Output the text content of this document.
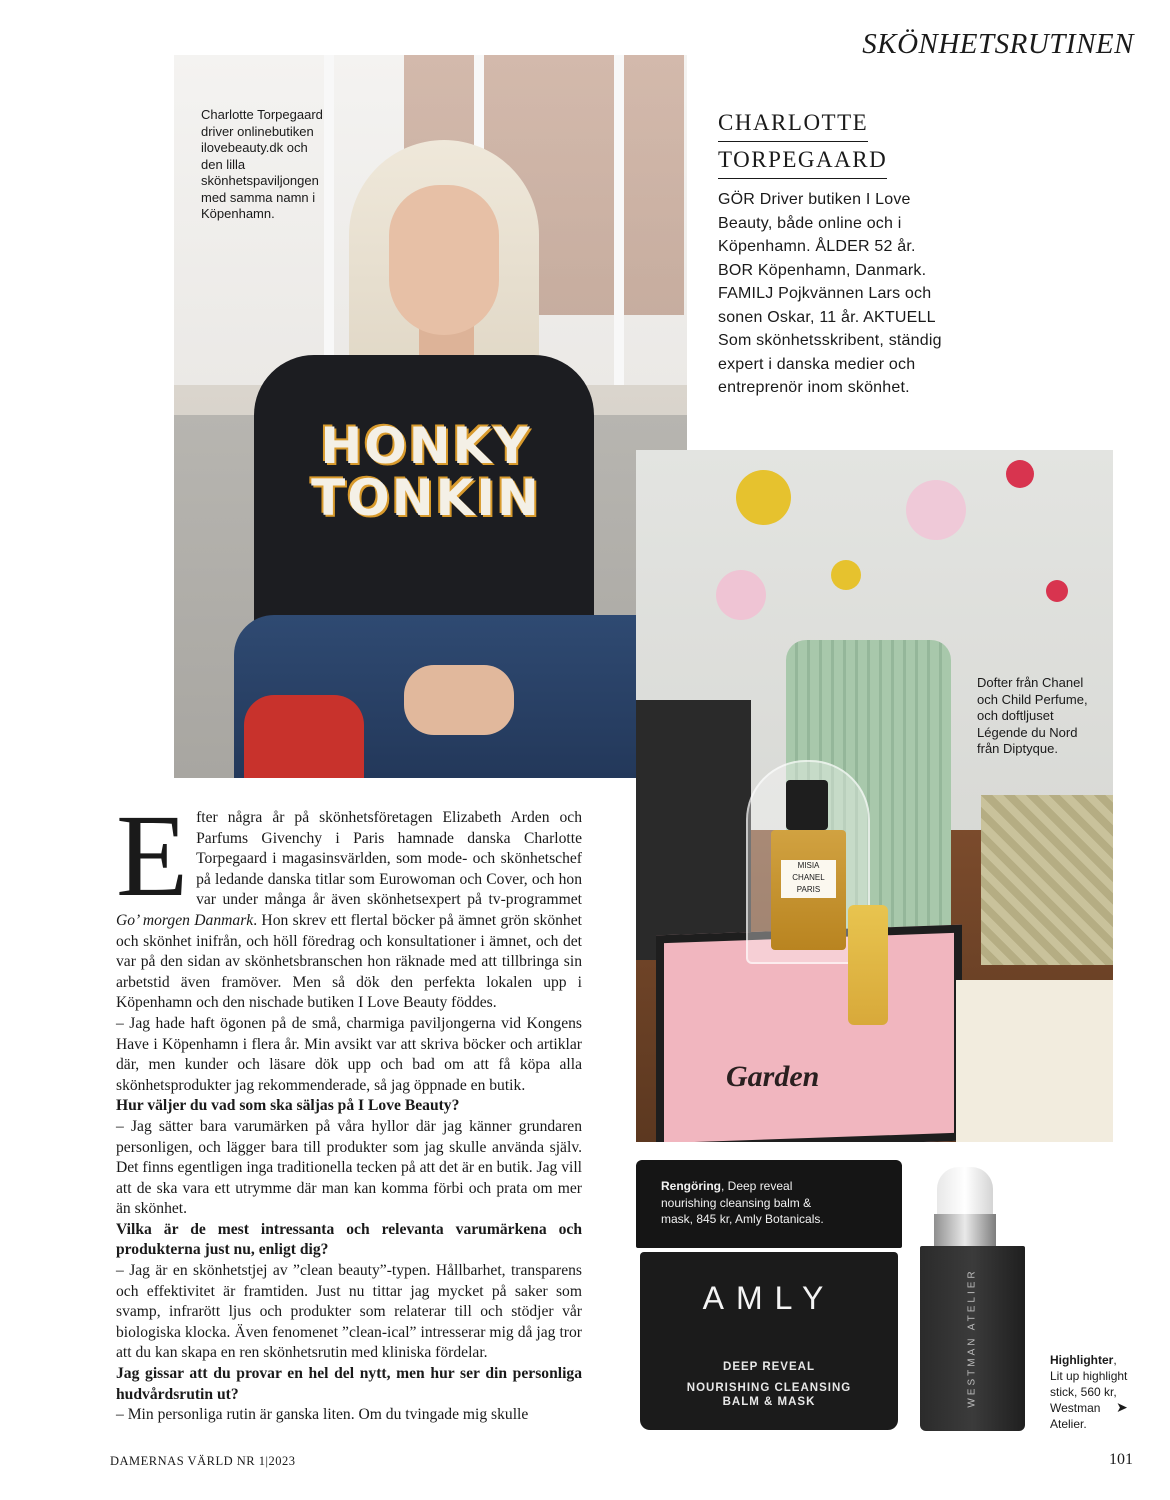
SKÖNHETSRUTINEN
HONKY TONKIN
Charlotte Torpegaard driver onlinebutiken ilovebeauty.dk och den lilla skönhetspaviljongen med samma namn i Köpenhamn.
CHARLOTTE
TORPEGAARD
GÖR Driver butiken I Love Beauty, både online och i Köpenhamn. ÅLDER 52 år. BOR Köpenhamn, Danmark. FAMILJ Pojkvännen Lars och sonen Oskar, 11 år. AKTUELL Som skönhetsskribent, ständig expert i danska medier och entreprenör inom skönhet.
Garden
MISIA CHANEL PARIS
Dofter från Chanel och Child Perfume, och doftljuset Légende du Nord från Diptyque.

Efter några år på skönhetsföretagen Elizabeth Arden och Parfums Givenchy i Paris hamnade danska Charlotte Torpegaard i magasinsvärlden, som mode- och skönhetschef på ledande danska titlar som Eurowoman och Cover, och hon var under många år även skönhetsexpert på tv-programmet Go’ morgen Danmark. Hon skrev ett flertal böcker på ämnet grön skönhet och skönhet inifrån, och höll föredrag och konsultationer i ämnet, och det var på den sidan av skönhetsbranschen hon räknade med att tillbringa sin arbetstid även framöver. Men så dök den perfekta lokalen upp i Köpenhamn och den nischade butiken I Love Beauty föddes.

– Jag hade haft ögonen på de små, charmiga paviljongerna vid Kongens Have i Köpenhamn i flera år. Min avsikt var att skriva böcker och artiklar där, men kunder och läsare dök upp och bad om att få köpa alla skönhetsprodukter jag rekommenderade, så jag öppnade en butik.

Hur väljer du vad som ska säljas på I Love Beauty?

– Jag sätter bara varumärken på våra hyllor där jag känner grundaren personligen, och lägger bara till produkter som jag skulle använda själv. Det finns egentligen inga traditionella tecken på att det är en butik. Jag vill att de ska vara ett utrymme där man kan komma förbi och prata om mer än skönhet.

Vilka är de mest intressanta och relevanta varumärkena och produkterna just nu, enligt dig?

– Jag är en skönhetstjej av ”clean beauty”-typen. Hållbarhet, transparens och effektivitet är framtiden. Just nu tittar jag mycket på saker som svamp, infrarött ljus och produkter som relaterar till och stödjer vår biologiska klocka. Även fenomenet ”clean-ical” intresserar mig då jag tror att du kan skapa en ren skönhetsrutin med kliniska fördelar.

Jag gissar att du provar en hel del nytt, men hur ser din personliga hudvårdsrutin ut?

– Min personliga rutin är ganska liten. Om du tvingade mig skulle

Rengöring, Deep reveal nourishing cleansing balm & mask, 845 kr, Amly Botanicals.
AMLY
DEEP REVEAL
NOURISHING CLEANSING BALM & MASK	WESTMAN ATELIER	Highlighter, Lit up highlight stick, 560 kr, Westman Atelier.
➤
DAMERNAS VÄRLD NR 1|2023	101
